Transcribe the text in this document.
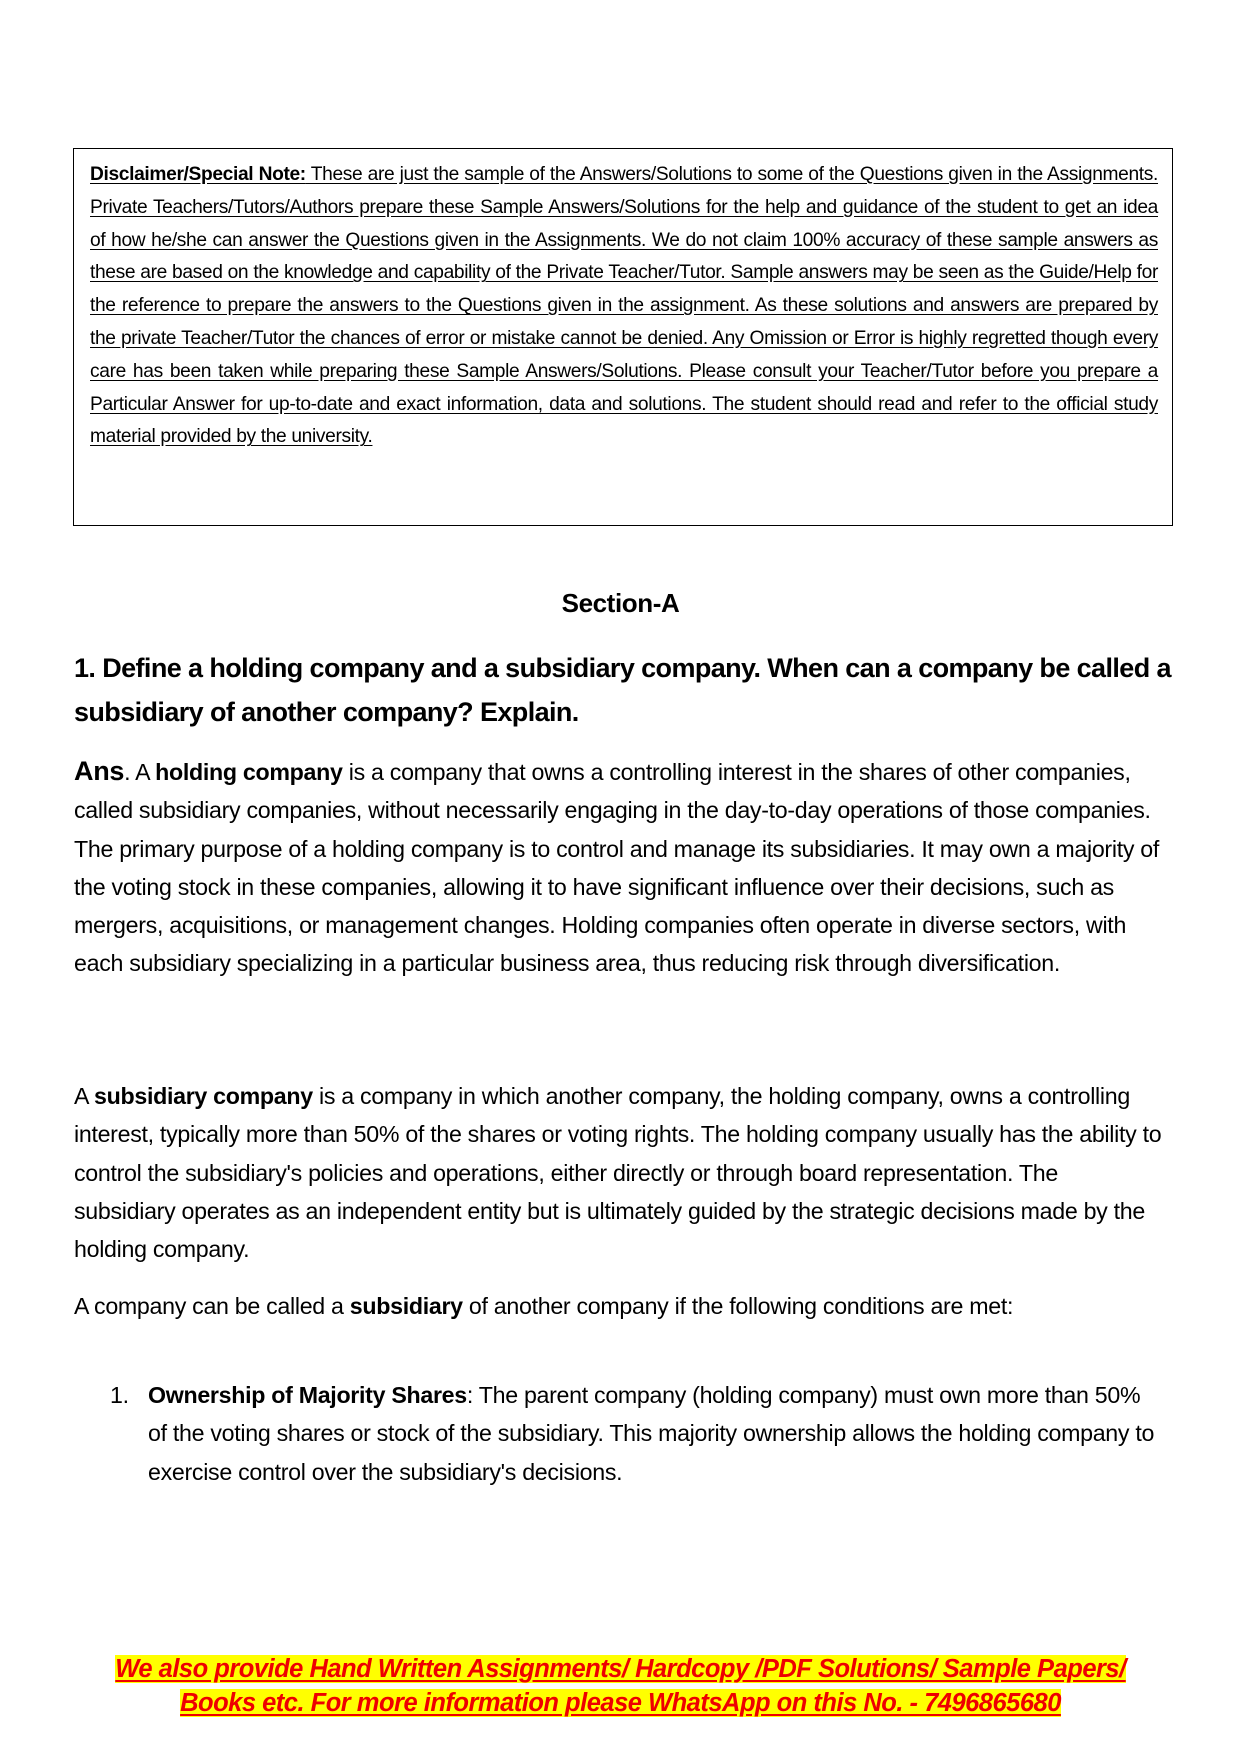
Disclaimer/Special Note: These are just the sample of the Answers/Solutions to some of the Questions given in the Assignments. Private Teachers/Tutors/Authors prepare these Sample Answers/Solutions for the help and guidance of the student to get an idea of how he/she can answer the Questions given in the Assignments. We do not claim 100% accuracy of these sample answers as these are based on the knowledge and capability of the Private Teacher/Tutor. Sample answers may be seen as the Guide/Help for the reference to prepare the answers to the Questions given in the assignment. As these solutions and answers are prepared by the private Teacher/Tutor the chances of error or mistake cannot be denied. Any Omission or Error is highly regretted though every care has been taken while preparing these Sample Answers/Solutions. Please consult your Teacher/Tutor before you prepare a Particular Answer for up-to-date and exact information, data and solutions. The student should read and refer to the official study material provided by the university.

Section-A
1. Define a holding company and a subsidiary company. When can a company be called a subsidiary of another company? Explain.

Ans. A holding company is a company that owns a controlling interest in the shares of other companies, called subsidiary companies, without necessarily engaging in the day-to-day operations of those companies. The primary purpose of a holding company is to control and manage its subsidiaries. It may own a majority of the voting stock in these companies, allowing it to have significant influence over their decisions, such as mergers, acquisitions, or management changes. Holding companies often operate in diverse sectors, with each subsidiary specializing in a particular business area, thus reducing risk through diversification.

A subsidiary company is a company in which another company, the holding company, owns a controlling interest, typically more than 50% of the shares or voting rights. The holding company usually has the ability to control the subsidiary's policies and operations, either directly or through board representation. The subsidiary operates as an independent entity but is ultimately guided by the strategic decisions made by the holding company.

A company can be called a subsidiary of another company if the following conditions are met:

1. Ownership of Majority Shares: The parent company (holding company) must own more than 50% of the voting shares or stock of the subsidiary. This majority ownership allows the holding company to exercise control over the subsidiary's decisions.
We also provide Hand Written Assignments/ Hardcopy /PDF Solutions/ Sample Papers/
Books etc. For more information please WhatsApp on this No. - 7496865680
